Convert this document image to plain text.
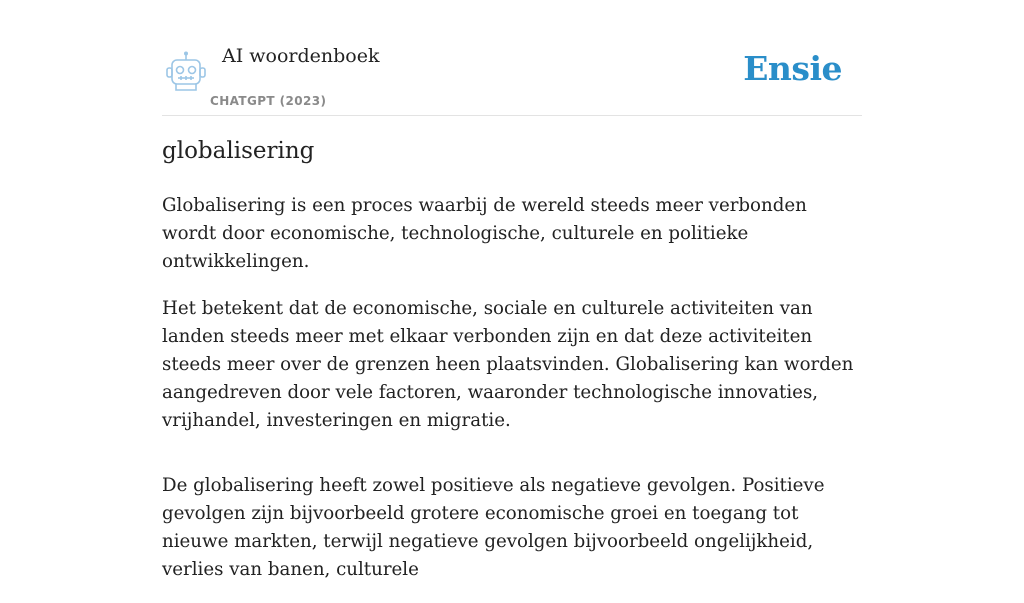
AI woordenboek
CHATGPT (2023)
Ensie
globalisering

Globalisering is een proces waarbij de wereld steeds meer verbonden wordt door economische, technologische, culturele en politieke ontwikkelingen.

Het betekent dat de economische, sociale en culturele activiteiten van landen steeds meer met elkaar verbonden zijn en dat deze activiteiten steeds meer over de grenzen heen plaatsvinden. Globalisering kan worden aangedreven door vele factoren, waaronder technologische innovaties, vrijhandel, investeringen en migratie.

De globalisering heeft zowel positieve als negatieve gevolgen. Positieve gevolgen zijn bijvoorbeeld grotere economische groei en toegang tot nieuwe markten, terwijl negatieve gevolgen bijvoorbeeld ongelijkheid, verlies van banen, culturele
